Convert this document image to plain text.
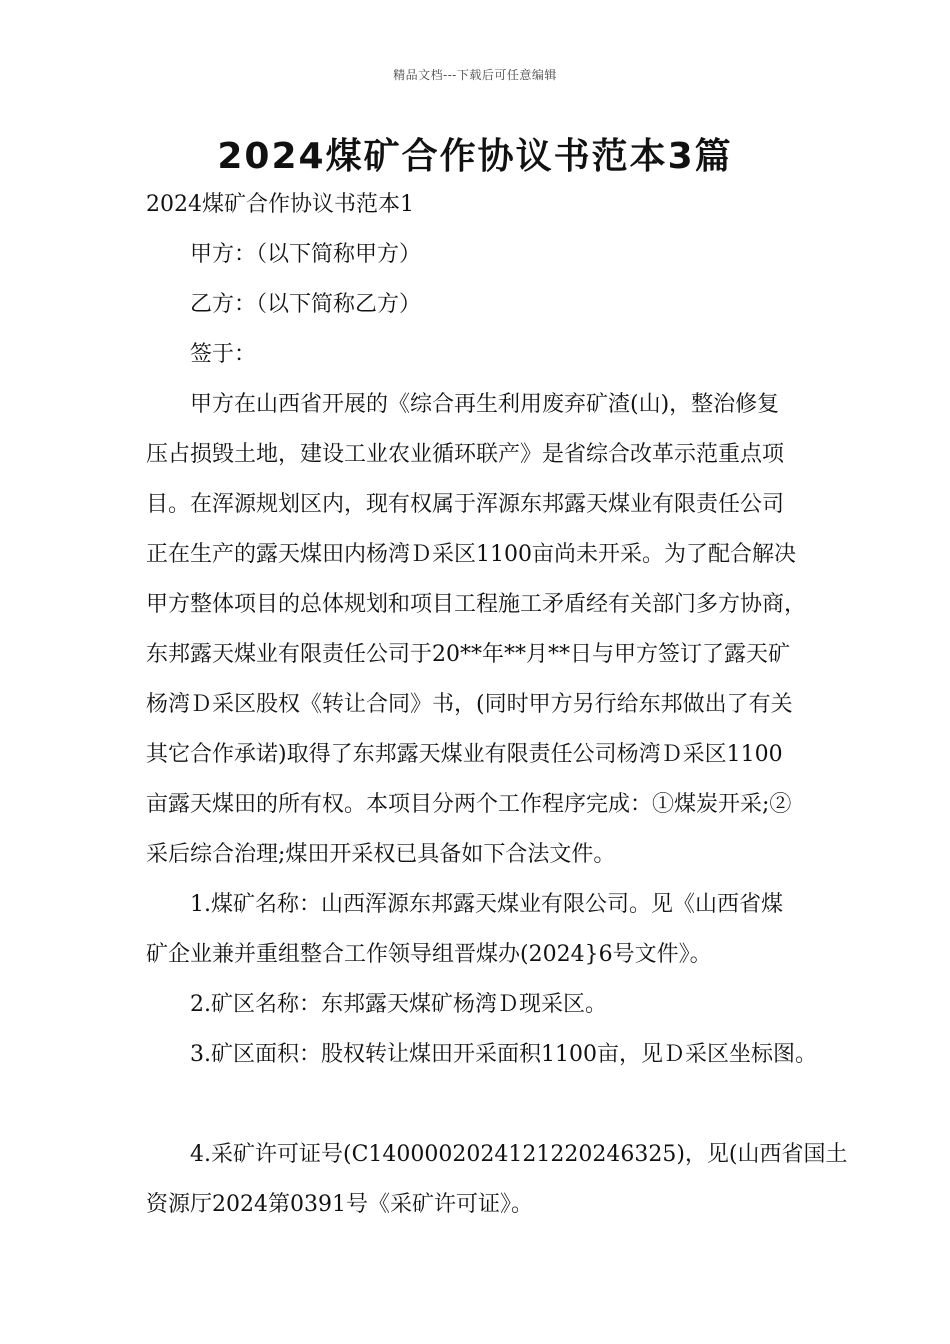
精品文档---下载后可任意编辑
2024煤矿合作协议书范本3篇

2024煤矿合作协议书范本1

甲方：（以下简称甲方）

乙方：（以下简称乙方）

签于：

甲方在山西省开展的《综合再生利用废弃矿渣(山)，整治修复

压占损毁土地，建设工业农业循环联产》是省综合改革示范重点项

目。在浑源规划区内，现有权属于浑源东邦露天煤业有限责任公司

正在生产的露天煤田内杨湾Ｄ采区1100亩尚未开采。为了配合解决

甲方整体项目的总体规划和项目工程施工矛盾经有关部门多方协商，

东邦露天煤业有限责任公司于20**年**月**日与甲方签订了露天矿

杨湾Ｄ采区股权《转让合同》书，(同时甲方另行给东邦做出了有关

其它合作承诺)取得了东邦露天煤业有限责任公司杨湾Ｄ采区1100

亩露天煤田的所有权。本项目分两个工作程序完成：①煤炭开采;②

采后综合治理;煤田开采权已具备如下合法文件。

1.煤矿名称：山西浑源东邦露天煤业有限公司。见《山西省煤

矿企业兼并重组整合工作领导组晋煤办(2024}6号文件》。

2.矿区名称：东邦露天煤矿杨湾Ｄ现采区。

3.矿区面积：股权转让煤田开采面积1100亩，见Ｄ采区坐标图。

4.采矿许可证号(C1400002024121220246325)，见(山西省国土

资源厅2024第0391号《采矿许可证》。
